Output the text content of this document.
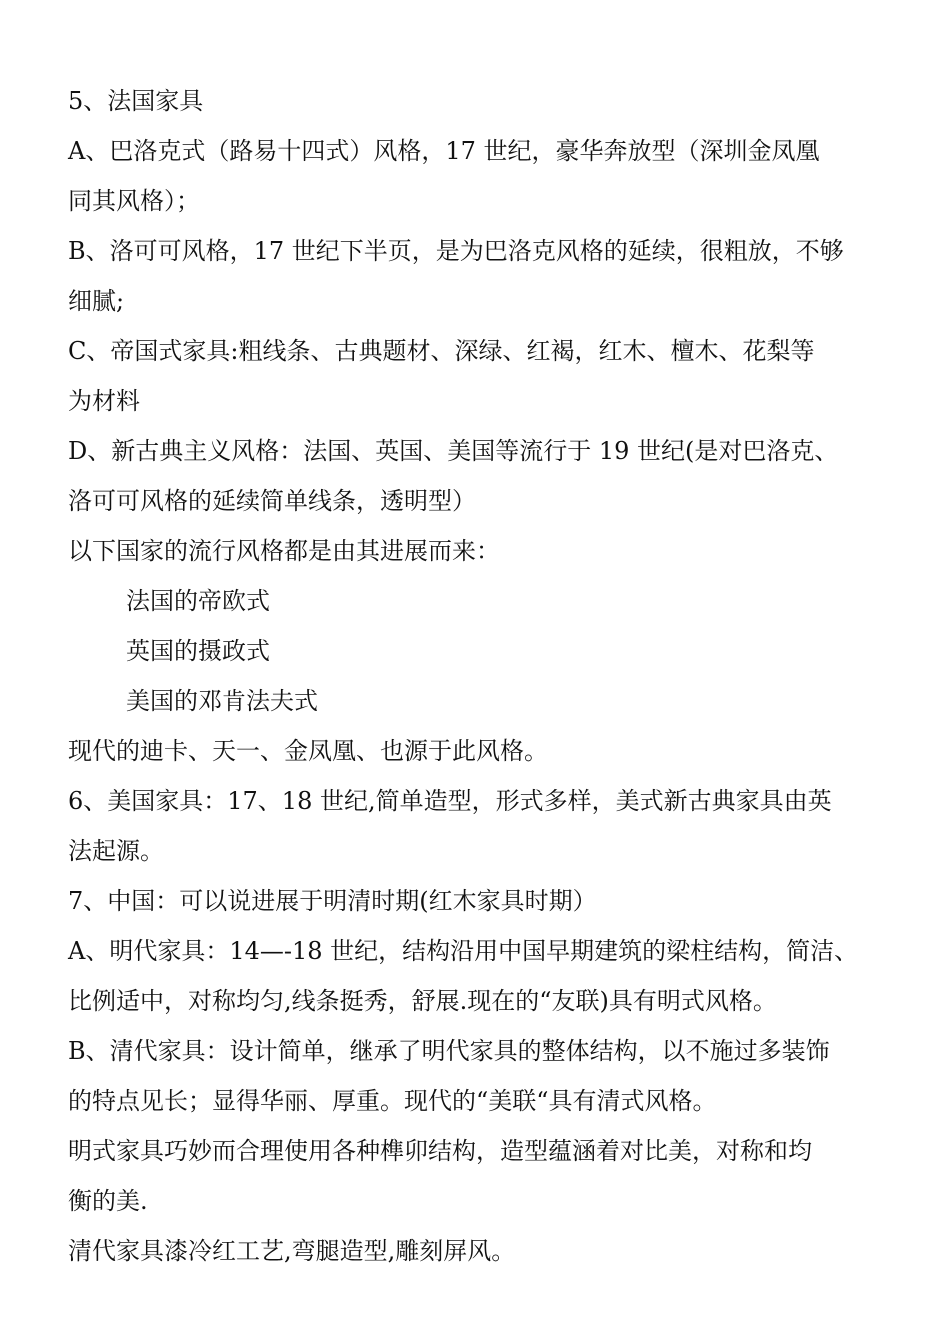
5、法国家具
A、巴洛克式（路易十四式）风格，17 世纪，豪华奔放型（深圳金凤凰
同其风格）；
B、洛可可风格，17 世纪下半页，是为巴洛克风格的延续，很粗放，不够
细腻;
C、帝国式家具:粗线条、古典题材、深绿、红褐，红木、檀木、花梨等
为材料
D、新古典主义风格：法国、英国、美国等流行于 19 世纪(是对巴洛克、
洛可可风格的延续简单线条，透明型）
以下国家的流行风格都是由其进展而来：
法国的帝欧式
英国的摄政式
美国的邓肯法夫式
现代的迪卡、天一、金凤凰、也源于此风格。
6、美国家具：17、18 世纪,简单造型，形式多样，美式新古典家具由英
法起源。
7、中国：可以说进展于明清时期(红木家具时期）
A、明代家具：14—-18 世纪，结构沿用中国早期建筑的梁柱结构，简洁、
比例适中，对称均匀,线条挺秀，舒展.现在的“友联)具有明式风格。
B、清代家具：设计简单，继承了明代家具的整体结构，以不施过多装饰
的特点见长；显得华丽、厚重。现代的“美联“具有清式风格。
明式家具巧妙而合理使用各种榫卯结构，造型蕴涵着对比美，对称和均
衡的美.
清代家具漆冷红工艺,弯腿造型,雕刻屏风。
